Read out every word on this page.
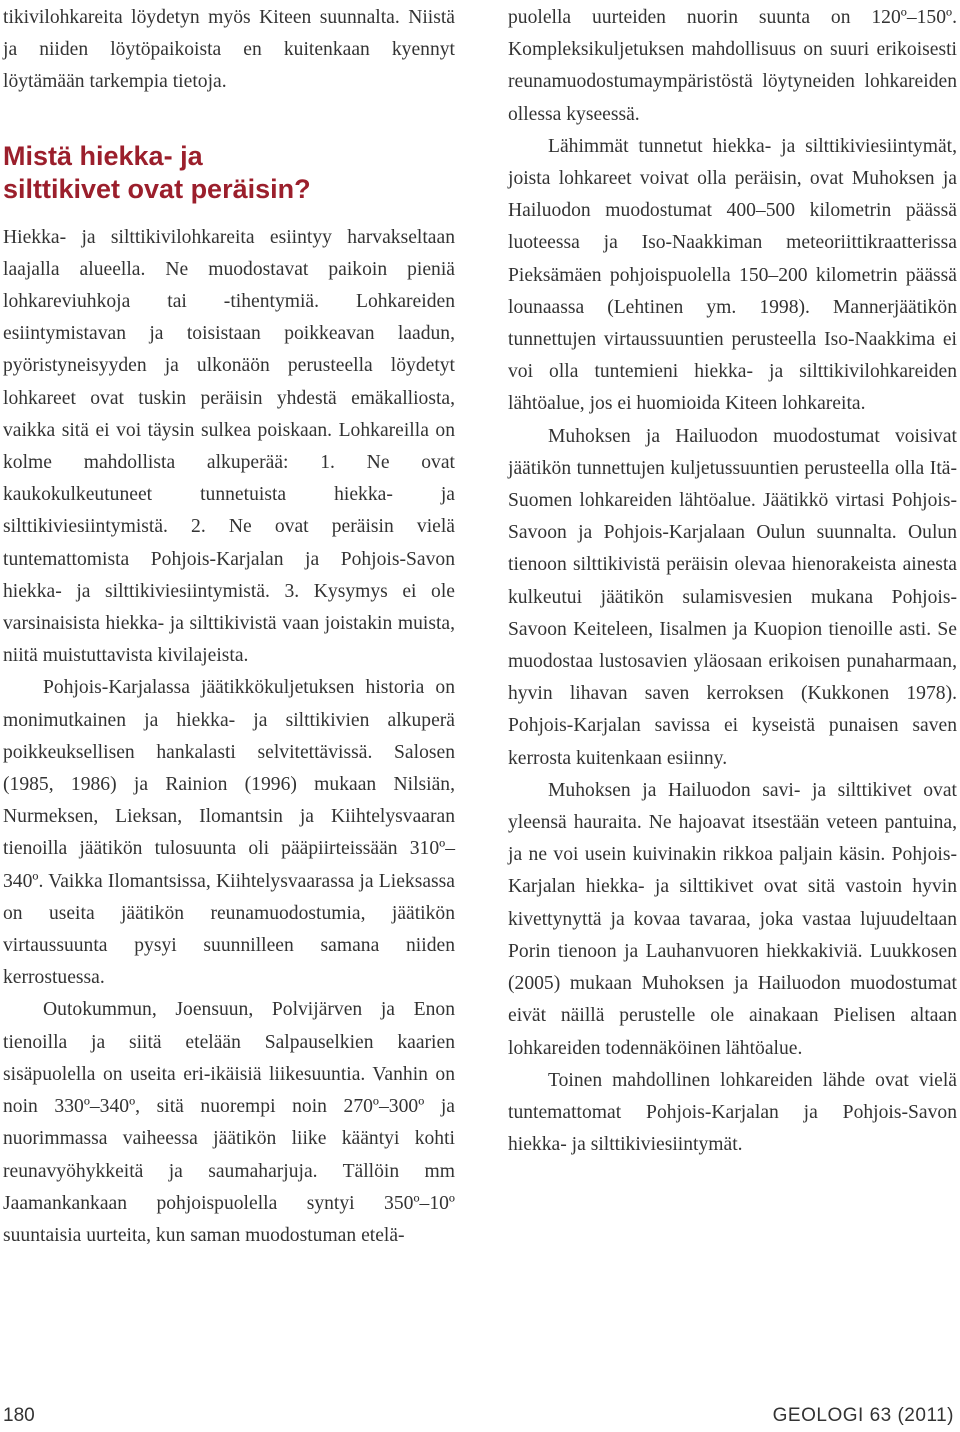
tikivilohkareita löydetyn myös Kiteen suunnalta. Niistä ja niiden löytöpaikoista en kuitenkaan kyennyt löytämään tarkempia tietoja.

Mistä hiekka- ja
silttikivet ovat peräisin?

Hiekka- ja silttikivilohkareita esiintyy harvakseltaan laajalla alueella. Ne muodostavat paikoin pieniä lohkareviuhkoja tai -tihentymiä. Lohkareiden esiintymistavan ja toisistaan poikkeavan laadun, pyöristyneisyyden ja ulkonäön perusteella löydetyt lohkareet ovat tuskin peräisin yhdestä emäkalliosta, vaikka sitä ei voi täysin sulkea poiskaan. Lohkareilla on kolme mahdollista alkuperää: 1. Ne ovat kaukokulkeutuneet tunnetuista hiekka- ja silttikiviesiintymistä. 2. Ne ovat peräisin vielä tuntemattomista Pohjois-Karjalan ja Pohjois-Savon hiekka- ja silttikiviesiintymistä. 3. Kysymys ei ole varsinaisista hiekka- ja silttikivistä vaan joistakin muista, niitä muistuttavista kivilajeista.

Pohjois-Karjalassa jäätikkökuljetuksen historia on monimutkainen ja hiekka- ja silttikivien alkuperä poikkeuksellisen hankalasti selvitettävissä. Salosen (1985, 1986) ja Rainion (1996) mukaan Nilsiän, Nurmeksen, Lieksan, Ilomantsin ja Kiihtelysvaaran tienoilla jäätikön tulosuunta oli pääpiirteissään 310º–340º. Vaikka Ilomantsissa, Kiihtelysvaarassa ja Lieksassa on useita jäätikön reunamuodostumia, jäätikön virtaussuunta pysyi suunnilleen samana niiden kerrostuessa.

Outokummun, Joensuun, Polvijärven ja Enon tienoilla ja siitä etelään Salpauselkien kaarien sisäpuolella on useita eri-ikäisiä liikesuuntia. Vanhin on noin 330º–340º, sitä nuorempi noin 270º–300º ja nuorimmassa vaiheessa jäätikön liike kääntyi kohti reunavyöhykkeitä ja saumaharjuja. Tällöin mm Jaamankankaan pohjoispuolella syntyi 350º–10º suuntaisia uurteita, kun saman muodostuman etelä-

puolella uurteiden nuorin suunta on 120º–150º. Kompleksikuljetuksen mahdollisuus on suuri erikoisesti reunamuodostumaympäristöstä löytyneiden lohkareiden ollessa kyseessä.

Lähimmät tunnetut hiekka- ja silttikiviesiintymät, joista lohkareet voivat olla peräisin, ovat Muhoksen ja Hailuodon muodostumat 400–500 kilometrin päässä luoteessa ja Iso-Naakkiman meteoriittikraatterissa Pieksämäen pohjoispuolella 150–200 kilometrin päässä lounaassa (Lehtinen ym. 1998). Mannerjäätikön tunnettujen virtaussuuntien perusteella Iso-Naakkima ei voi olla tuntemieni hiekka- ja silttikivilohkareiden lähtöalue, jos ei huomioida Kiteen lohkareita.

Muhoksen ja Hailuodon muodostumat voisivat jäätikön tunnettujen kuljetussuuntien perusteella olla Itä-Suomen lohkareiden lähtöalue. Jäätikkö virtasi Pohjois-Savoon ja Pohjois-Karjalaan Oulun suunnalta. Oulun tienoon silttikivistä peräisin olevaa hienorakeista ainesta kulkeutui jäätikön sulamisvesien mukana Pohjois-Savoon Keiteleen, Iisalmen ja Kuopion tienoille asti. Se muodostaa lustosavien yläosaan erikoisen punaharmaan, hyvin lihavan saven kerroksen (Kukkonen 1978). Pohjois-Karjalan savissa ei kyseistä punaisen saven kerrosta kuitenkaan esiinny.

Muhoksen ja Hailuodon savi- ja silttikivet ovat yleensä hauraita. Ne hajoavat itsestään veteen pantuina, ja ne voi usein kuivinakin rikkoa paljain käsin. Pohjois-Karjalan hiekka- ja silttikivet ovat sitä vastoin hyvin kivettynyttä ja kovaa tavaraa, joka vastaa lujuudeltaan Porin tienoon ja Lauhanvuoren hiekkakiviä. Luukkosen (2005) mukaan Muhoksen ja Hailuodon muodostumat eivät näillä perustelle ole ainakaan Pielisen altaan lohkareiden todennäköinen lähtöalue.

Toinen mahdollinen lohkareiden lähde ovat vielä tuntemattomat Pohjois-Karjalan ja Pohjois-Savon hiekka- ja silttikiviesiintymät.

180	GEOLOGI 63 (2011)
